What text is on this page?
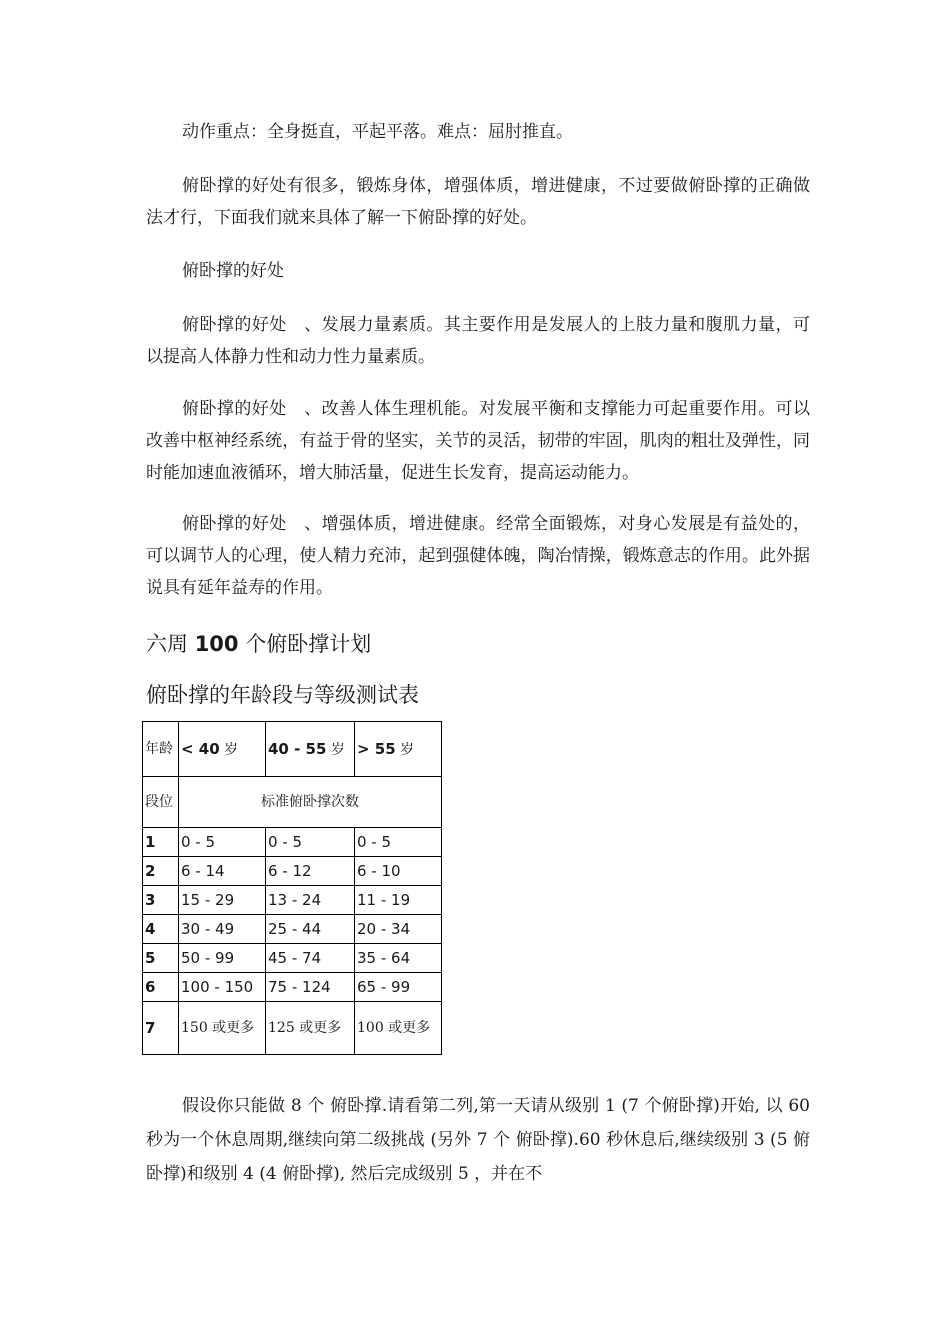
动作重点：全身挺直，平起平落。难点：屈肘推直。

俯卧撑的好处有很多，锻炼身体，增强体质，增进健康，不过要做俯卧撑的正确做法才行，下面我们就来具体了解一下俯卧撑的好处。

俯卧撑的好处

俯卧撑的好处　、发展力量素质。其主要作用是发展人的上肢力量和腹肌力量，可以提高人体静力性和动力性力量素质。

俯卧撑的好处　、改善人体生理机能。对发展平衡和支撑能力可起重要作用。可以改善中枢神经系统，有益于骨的坚实，关节的灵活，韧带的牢固，肌肉的粗壮及弹性，同时能加速血液循环，增大肺活量，促进生长发育，提高运动能力。

俯卧撑的好处　、增强体质，增进健康。经常全面锻炼，对身心发展是有益处的，可以调节人的心理，使人精力充沛，起到强健体魄，陶冶情操，锻炼意志的作用。此外据说具有延年益寿的作用。

六周 100 个俯卧撑计划
俯卧撑的年龄段与等级测试表
年龄	< 40 岁	40 - 55 岁	> 55 岁
段位	标准俯卧撑次数		
1	0 - 5	0 - 5	0 - 5
2	6 - 14	6 - 12	6 - 10
3	15 - 29	13 - 24	11 - 19
4	30 - 49	25 - 44	20 - 34
5	50 - 99	45 - 74	35 - 64
6	100 - 150	75 - 124	65 - 99
7	150 或更多	125 或更多	100 或更多

假设你只能做 8 个 俯卧撑.请看第二列,第一天请从级别 1 (7 个俯卧撑)开始, 以 60 秒为一个休息周期,继续向第二级挑战 (另外 7 个 俯卧撑).60 秒休息后,继续级别 3 (5 俯卧撑)和级别 4 (4 俯卧撑), 然后完成级别 5 ，并在不
